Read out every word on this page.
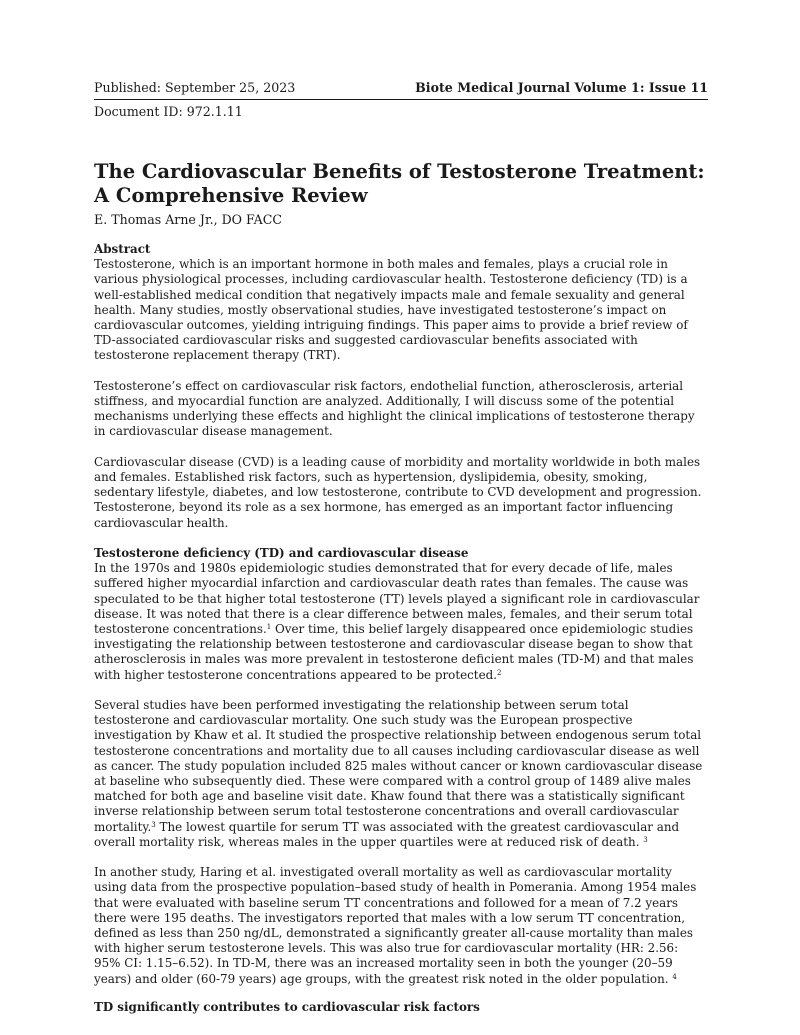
Published: September 25, 2023	Biote Medical Journal Volume 1: Issue 11
Document ID: 972.1.11
The Cardiovascular Benefits of Testosterone Treatment: A Comprehensive Review
E. Thomas Arne Jr., DO FACC
Abstract

Testosterone, which is an important hormone in both males and females, plays a crucial role in various physiological processes, including cardiovascular health. Testosterone deficiency (TD) is a well-established medical condition that negatively impacts male and female sexuality and general health. Many studies, mostly observational studies, have investigated testosterone’s impact on cardiovascular outcomes, yielding intriguing findings. This paper aims to provide a brief review of TD-associated cardiovascular risks and suggested cardiovascular benefits associated with testosterone replacement therapy (TRT).

Testosterone’s effect on cardiovascular risk factors, endothelial function, atherosclerosis, arterial stiffness, and myocardial function are analyzed. Additionally, I will discuss some of the potential mechanisms underlying these effects and highlight the clinical implications of testosterone therapy in cardiovascular disease management.

Cardiovascular disease (CVD) is a leading cause of morbidity and mortality worldwide in both males and females. Established risk factors, such as hypertension, dyslipidemia, obesity, smoking, sedentary lifestyle, diabetes, and low testosterone, contribute to CVD development and progression. Testosterone, beyond its role as a sex hormone, has emerged as an important factor influencing cardiovascular health.

Testosterone deficiency (TD) and cardiovascular disease

In the 1970s and 1980s epidemiologic studies demonstrated that for every decade of life, males suffered higher myocardial infarction and cardiovascular death rates than females. The cause was speculated to be that higher total testosterone (TT) levels played a significant role in cardiovascular disease. It was noted that there is a clear difference between males, females, and their serum total testosterone concentrations.$^1$ Over time, this belief largely disappeared once epidemiologic studies investigating the relationship between testosterone and cardiovascular disease began to show that atherosclerosis in males was more prevalent in testosterone deficient males (TD-M) and that males with higher testosterone concentrations appeared to be protected.$^2$

Several studies have been performed investigating the relationship between serum total testosterone and cardiovascular mortality. One such study was the European prospective investigation by Khaw et al. It studied the prospective relationship between endogenous serum total testosterone concentrations and mortality due to all causes including cardiovascular disease as well as cancer. The study population included 825 males without cancer or known cardiovascular disease at baseline who subsequently died. These were compared with a control group of 1489 alive males matched for both age and baseline visit date. Khaw found that there was a statistically significant inverse relationship between serum total testosterone concentrations and overall cardiovascular mortality.$^3$ The lowest quartile for serum TT was associated with the greatest cardiovascular and overall mortality risk, whereas males in the upper quartiles were at reduced risk of death. $^3$

In another study, Haring et al. investigated overall mortality as well as cardiovascular mortality using data from the prospective population–based study of health in Pomerania. Among 1954 males that were evaluated with baseline serum TT concentrations and followed for a mean of 7.2 years there were 195 deaths. The investigators reported that males with a low serum TT concentration, defined as less than 250 ng/dL, demonstrated a significantly greater all-cause mortality than males with higher serum testosterone levels. This was also true for cardiovascular mortality (HR: 2.56: 95% CI: 1.15–6.52). In TD-M, there was an increased mortality seen in both the younger (20–59 years) and older (60-79 years) age groups, with the greatest risk noted in the older population. $^4$

TD significantly contributes to cardiovascular risk factors
